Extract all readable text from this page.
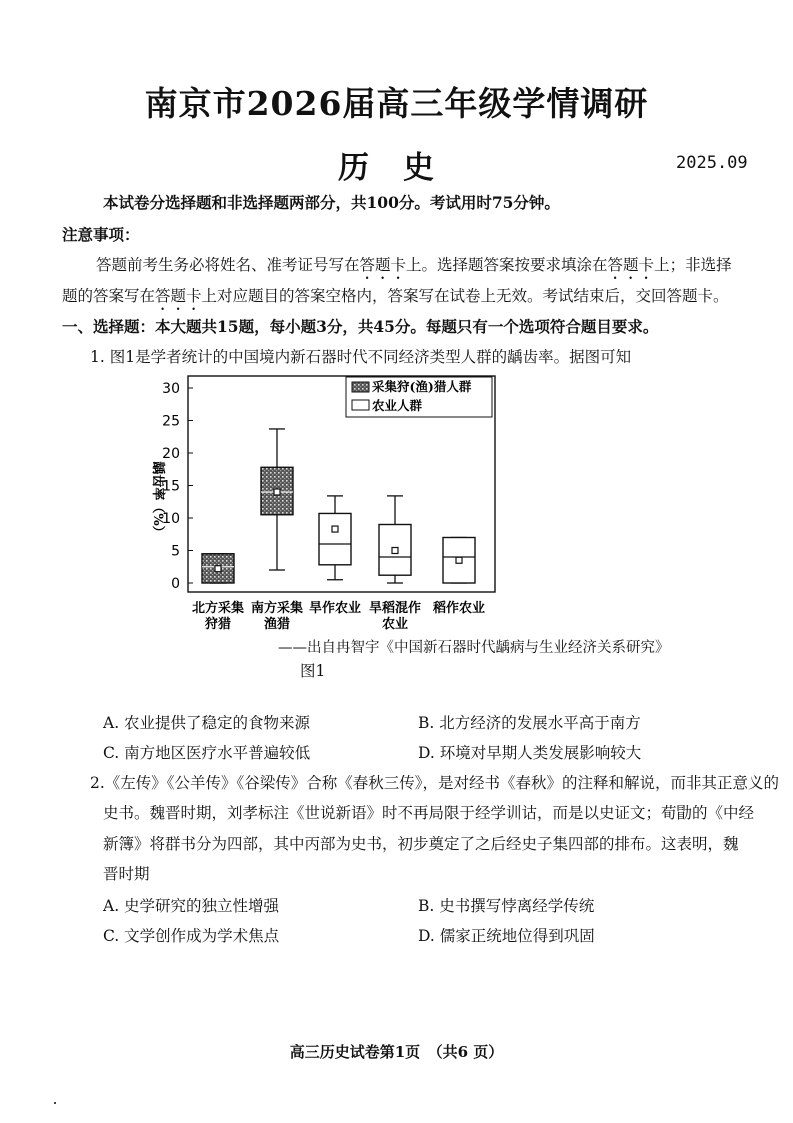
南京市2026届高三年级学情调研
历史	2025.09
本试卷分选择题和非选择题两部分，共100分。考试用时75分钟。
注意事项：
答题前考生务必将姓名、准考证号写在答题卡上。选择题答案按要求填涂在答题卡上；非选择
题的答案写在答题卡上对应题目的答案空格内，答案写在试卷上无效。考试结束后，交回答题卡。
一、选择题：本大题共15题，每小题3分，共45分。每题只有一个选项符合题目要求。
1. 图1是学者统计的中国境内新石器时代不同经济类型人群的龋齿率。据图可知
0
5
10
15
20
25
30
龋齿率（%）
北方采集
狩猎
南方采集
渔猎
旱作农业 旱稻混作
农业
稻作农业
采集狩(渔)猎人群
农业人群
——出自冉智宇《中国新石器时代龋病与生业经济关系研究》
图1
A. 农业提供了稳定的食物来源	B. 北方经济的发展水平高于南方
C. 南方地区医疗水平普遍较低	D. 环境对早期人类发展影响较大
2.《左传》《公羊传》《谷梁传》合称《春秋三传》，是对经书《春秋》的注释和解说，而非其正意义的
史书。魏晋时期，刘孝标注《世说新语》时不再局限于经学训诂，而是以史证文；荀勖的《中经
新簿》将群书分为四部，其中丙部为史书，初步奠定了之后经史子集四部的排布。这表明，魏
晋时期
A. 史学研究的独立性增强	B. 史书撰写悖离经学传统
C. 文学创作成为学术焦点	D. 儒家正统地位得到巩固
高三历史试卷第1页　（共6 页）
